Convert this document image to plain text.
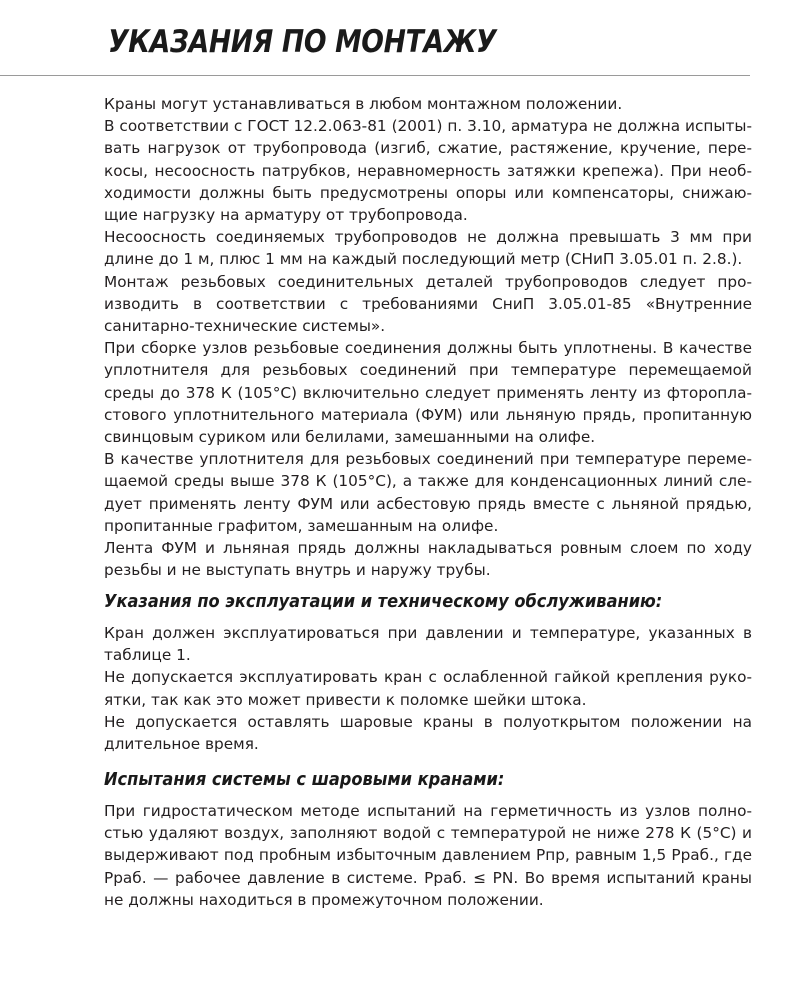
УКАЗАНИЯ ПО МОНТАЖУ

Краны могут устанавливаться в любом монтажном положении.

В соответствии с ГОСТ 12.2.063-81 (2001) п. 3.10, арматура не должна испытывать нагрузок от трубопровода (изгиб, сжатие, растяжение, кручение, перекосы, несоосность патрубков, неравномерность затяжки крепежа). При необходимости должны быть предусмотрены опоры или компенсаторы, снижающие нагрузку на арматуру от трубопровода.

Несоосность соединяемых трубопроводов не должна превышать 3 мм при длине до 1 м, плюс 1 мм на каждый последующий метр (СНиП 3.05.01 п. 2.8.).

Монтаж резьбовых соединительных деталей трубопроводов следует производить в соответствии с требованиями СниП 3.05.01-85 «Внутренние санитарно-технические системы».

При сборке узлов резьбовые соединения должны быть уплотнены. В качестве уплотнителя для резьбовых соединений при температуре перемещаемой среды до 378 К (105°С) включительно следует применять ленту из фторопластового уплотнительного материала (ФУМ) или льняную прядь, пропитанную свинцовым суриком или белилами, замешанными на олифе.

В качестве уплотнителя для резьбовых соединений при температуре перемещаемой среды выше 378 К (105°С), а также для конденсационных линий следует применять ленту ФУМ или асбестовую прядь вместе с льняной прядью, пропитанные графитом, замешанным на олифе.

Лента ФУМ и льняная прядь должны накладываться ровным слоем по ходу резьбы и не выступать внутрь и наружу трубы.

Указания по эксплуатации и техническому обслуживанию:

Кран должен эксплуатироваться при давлении и температуре, указанных в таблице 1.

Не допускается эксплуатировать кран с ослабленной гайкой крепления рукоятки, так как это может привести к поломке шейки штока.

Не допускается оставлять шаровые краны в полуоткрытом положении на длительное время.

Испытания системы с шаровыми кранами:

При гидростатическом методе испытаний на герметичность из узлов полностью удаляют воздух, заполняют водой с температурой не ниже 278 К (5°С) и выдерживают под пробным избыточным давлением Рпр, равным 1,5 Рраб., где Рраб. — рабочее давление в системе. Рраб. ≤ PN. Во время испытаний краны не должны находиться в промежуточном положении.
